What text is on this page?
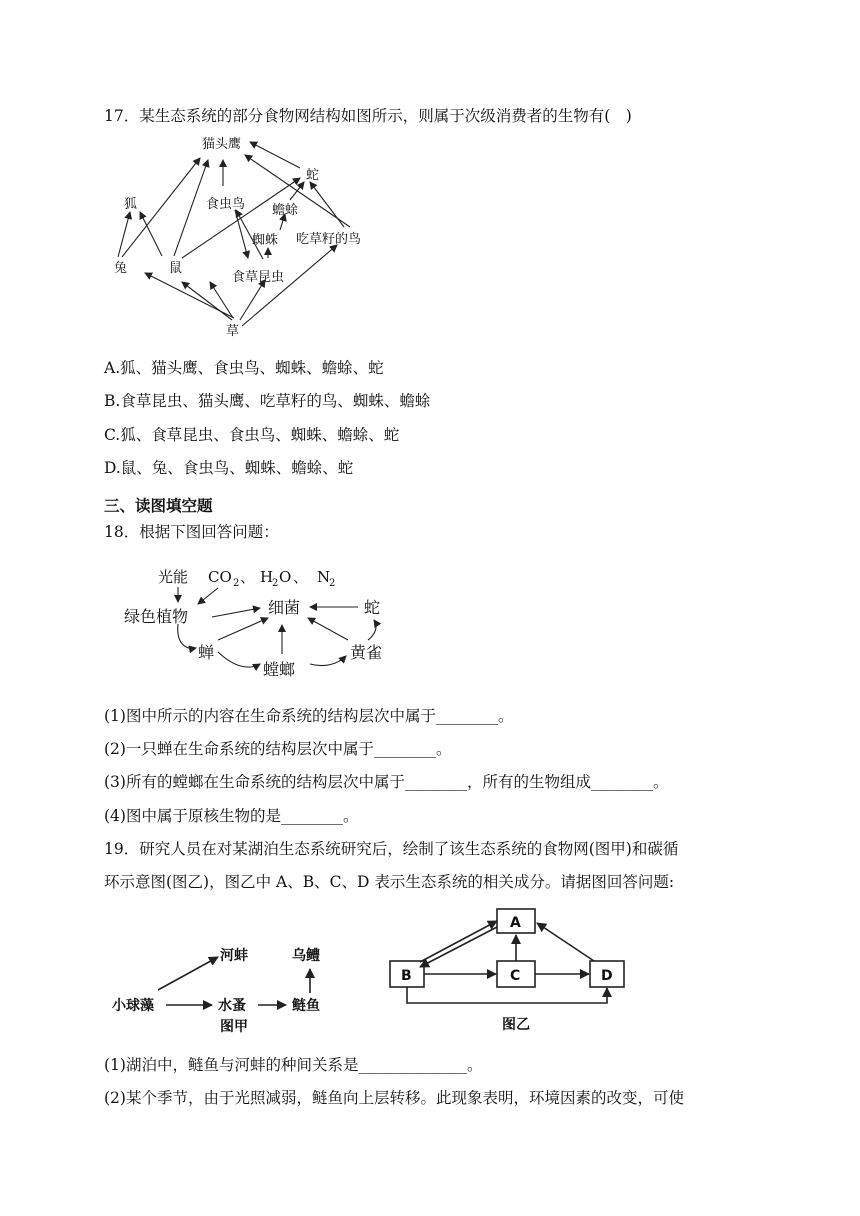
17．某生态系统的部分食物网结构如图所示，则属于次级消费者的生物有(　)
猫头鹰
蛇
狐	食虫鸟 蟾蜍
蜘蛛 吃草籽的鸟
兔	鼠
食草昆虫
草
A.狐、猫头鹰、食虫鸟、蜘蛛、蟾蜍、蛇
B.食草昆虫、猫头鹰、吃草籽的鸟、蜘蛛、蟾蜍
C.狐、食草昆虫、食虫鸟、蜘蛛、蟾蜍、蛇
D.鼠、兔、食虫鸟、蜘蛛、蟾蜍、蛇
三、读图填空题
18．根据下图回答问题：
光能 CO 2 、 H
2 O 、 N
2
绿色植物	细菌	蛇
蝉
螳螂
黄雀
(1)图中所示的内容在生命系统的结构层次中属于________。
(2)一只蝉在生命系统的结构层次中属于________。
(3)所有的螳螂在生命系统的结构层次中属于________，所有的生物组成________。
(4)图中属于原核生物的是________。
19．研究人员在对某湖泊生态系统研究后，绘制了该生态系统的食物网(图甲)和碳循
环示意图(图乙)，图乙中 A、B、C、D 表示生态系统的相关成分。请据图回答问题:
河蚌	乌鳢
小球藻	水蚤	鲢鱼
图甲
A
B	C	D
图乙
(1)湖泊中，鲢鱼与河蚌的种间关系是______________。
(2)某个季节，由于光照减弱，鲢鱼向上层转移。此现象表明，环境因素的改变，可使
